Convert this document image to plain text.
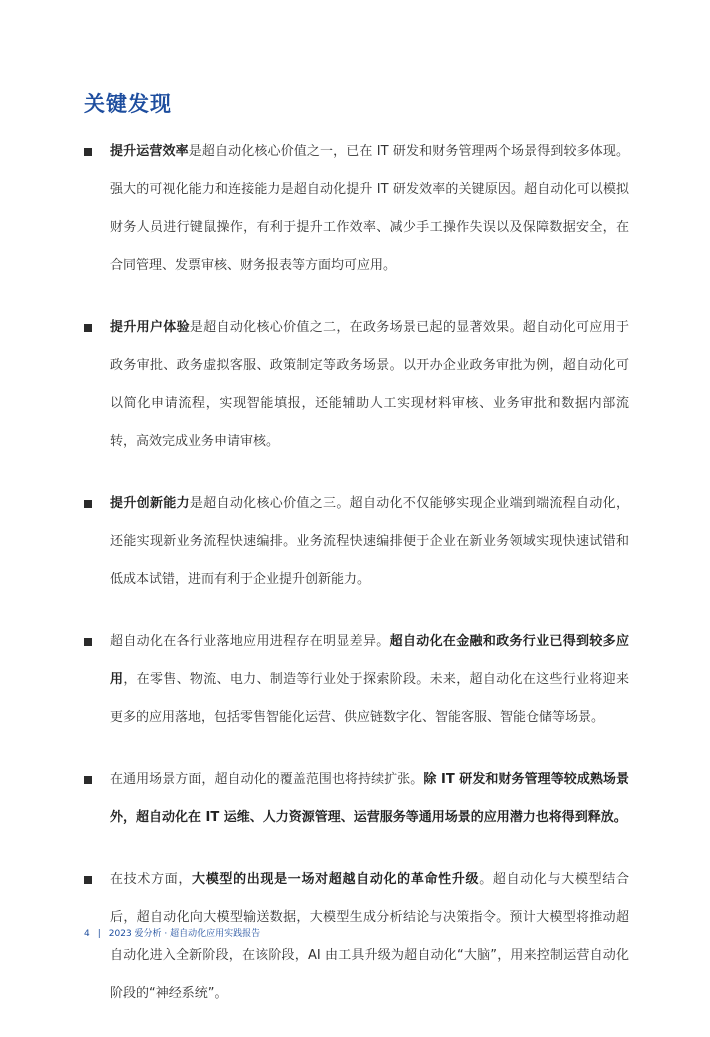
关键发现
提升运营效率是超自动化核心价值之一，已在 IT 研发和财务管理两个场景得到较多体现。强大的可视化能力和连接能力是超自动化提升 IT 研发效率的关键原因。超自动化可以模拟财务人员进行键鼠操作，有利于提升工作效率、减少手工操作失误以及保障数据安全，在合同管理、发票审核、财务报表等方面均可应用。
提升用户体验是超自动化核心价值之二，在政务场景已起的显著效果。超自动化可应用于政务审批、政务虚拟客服、政策制定等政务场景。以开办企业政务审批为例，超自动化可以简化申请流程，实现智能填报，还能辅助人工实现材料审核、业务审批和数据内部流转，高效完成业务申请审核。
提升创新能力是超自动化核心价值之三。超自动化不仅能够实现企业端到端流程自动化，还能实现新业务流程快速编排。业务流程快速编排便于企业在新业务领域实现快速试错和低成本试错，进而有利于企业提升创新能力。
超自动化在各行业落地应用进程存在明显差异。超自动化在金融和政务行业已得到较多应用，在零售、物流、电力、制造等行业处于探索阶段。未来，超自动化在这些行业将迎来更多的应用落地，包括零售智能化运营、供应链数字化、智能客服、智能仓储等场景。
在通用场景方面，超自动化的覆盖范围也将持续扩张。除 IT 研发和财务管理等较成熟场景外，超自动化在 IT 运维、人力资源管理、运营服务等通用场景的应用潜力也将得到释放。
在技术方面，大模型的出现是一场对超越自动化的革命性升级。超自动化与大模型结合后，超自动化向大模型输送数据，大模型生成分析结论与决策指令。预计大模型将推动超自动化进入全新阶段，在该阶段，AI 由工具升级为超自动化“大脑”，用来控制运营自动化阶段的“神经系统”。
4 | 2023 爱分析 · 超自动化应用实践报告
